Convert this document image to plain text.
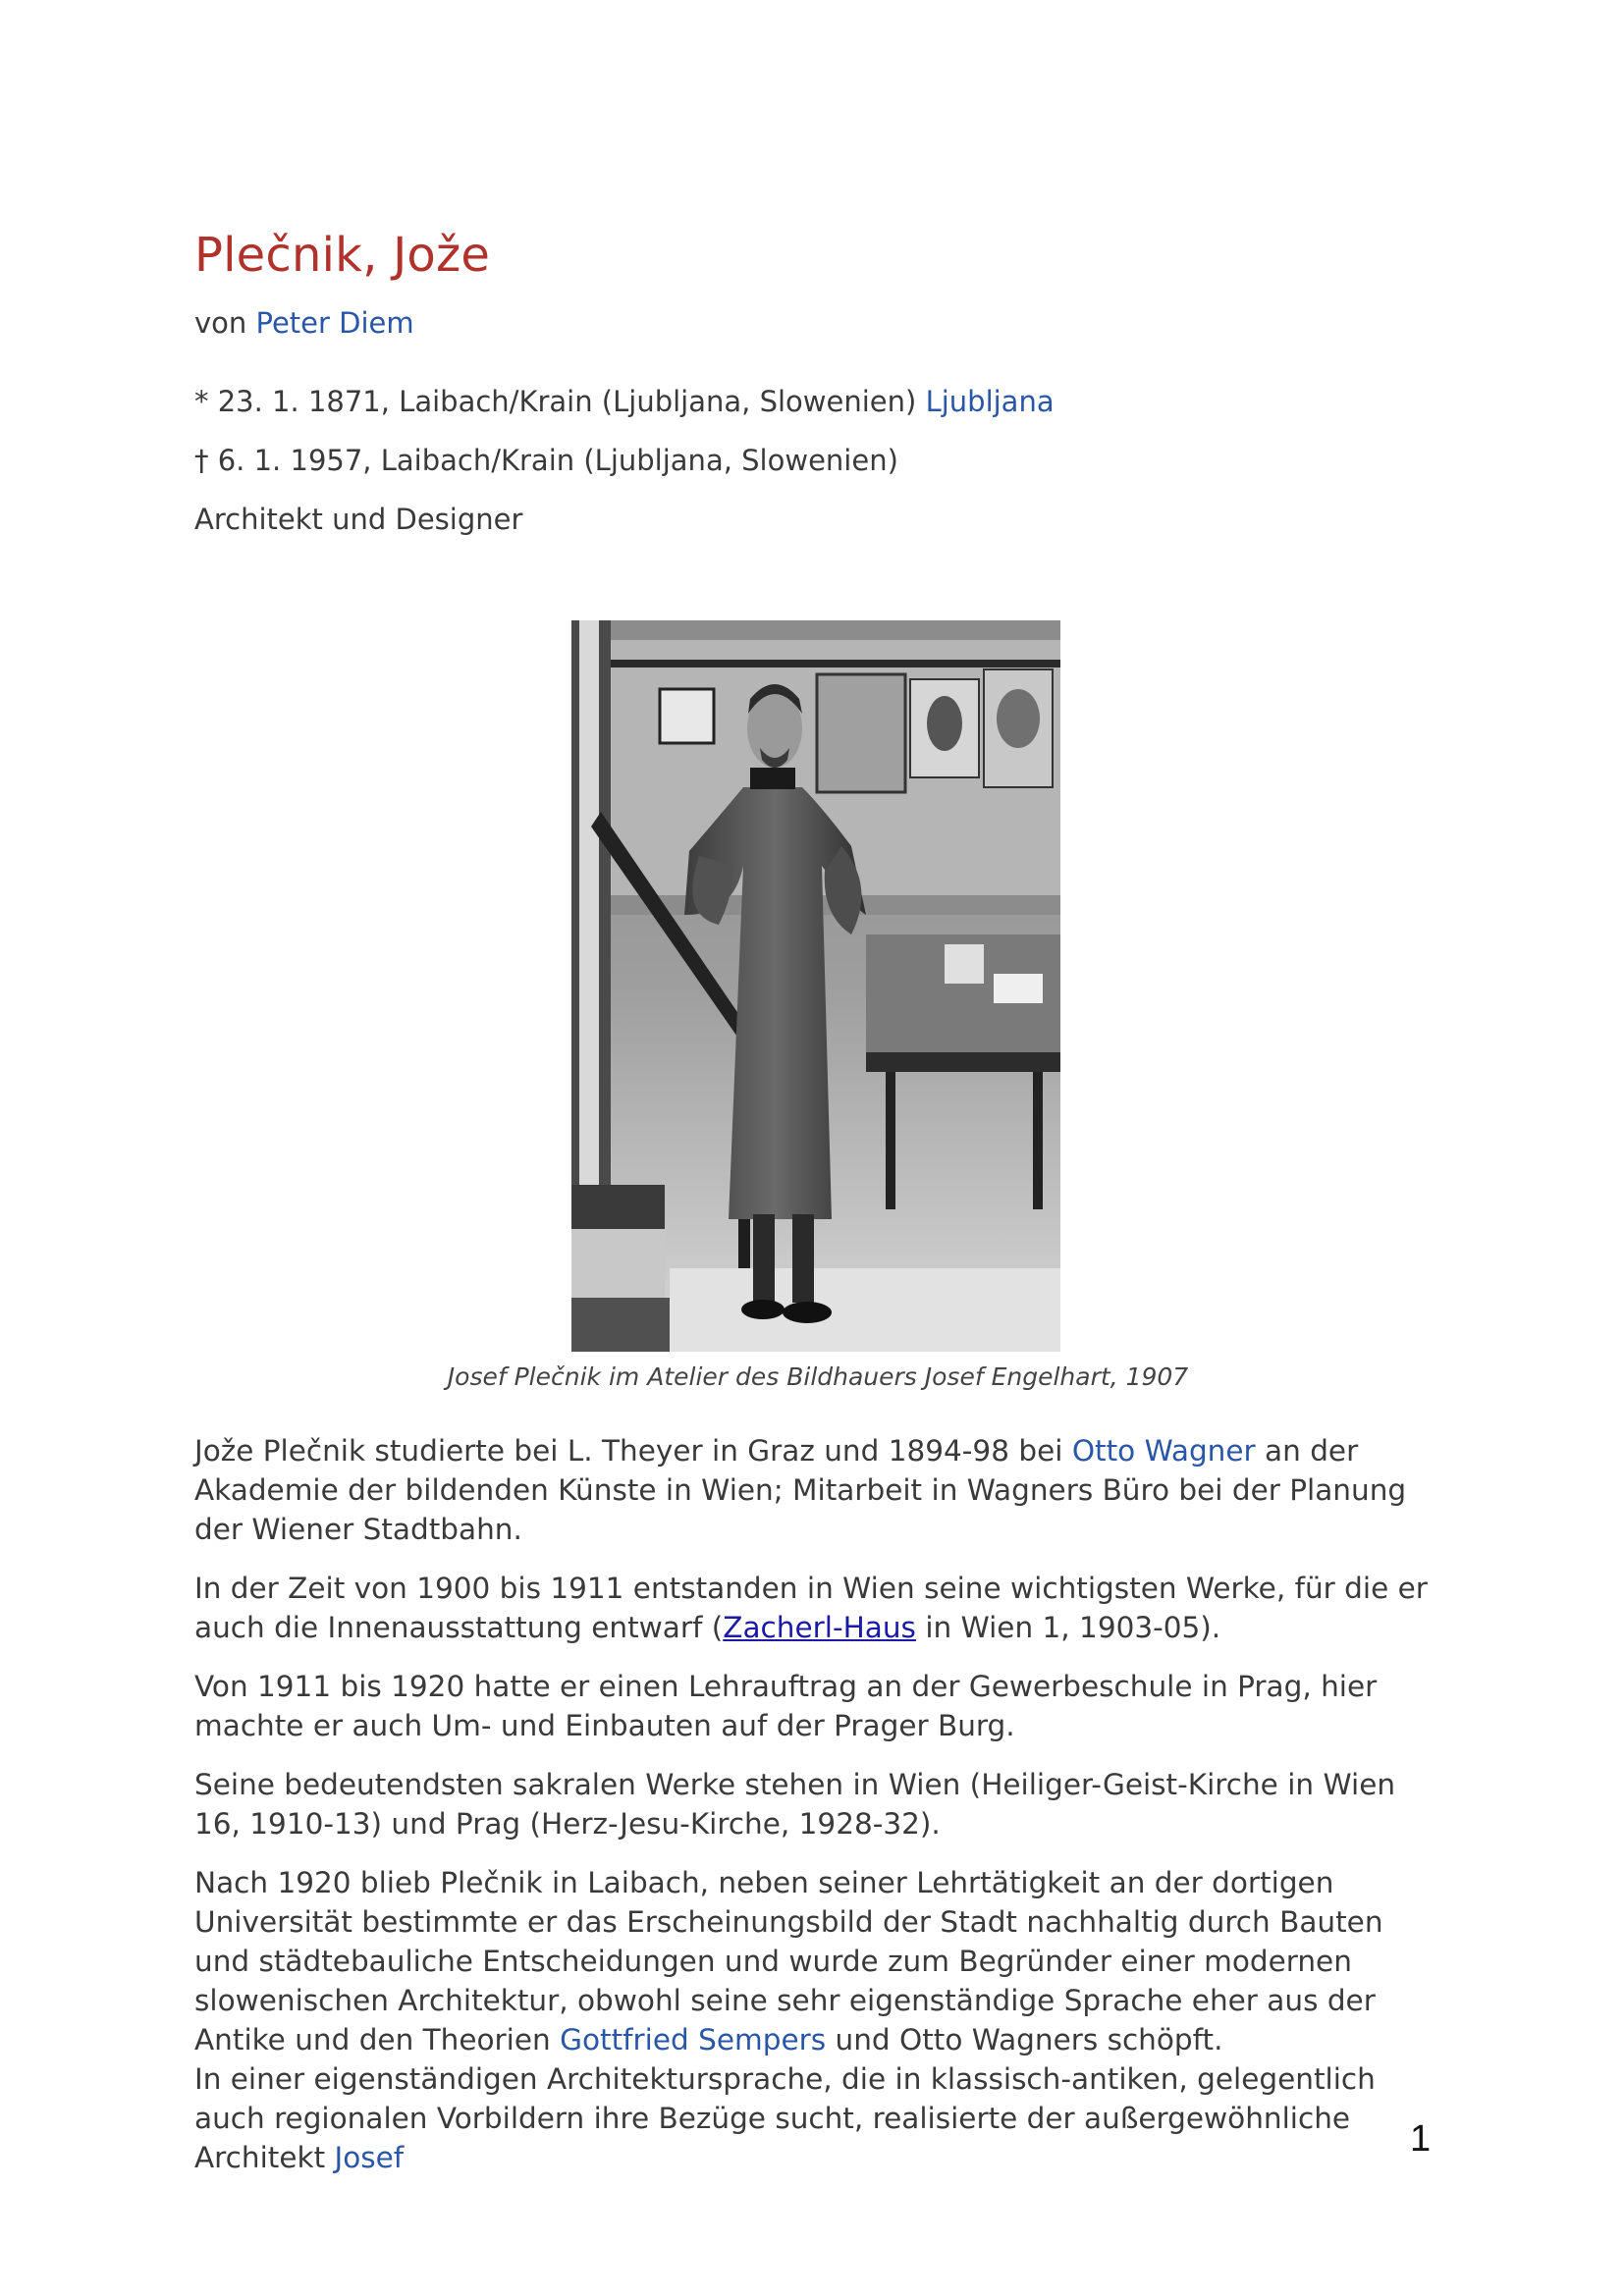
Plečnik, Jože
von Peter Diem
* 23. 1. 1871, Laibach/Krain (Ljubljana, Slowenien) Ljubljana
† 6. 1. 1957, Laibach/Krain (Ljubljana, Slowenien)
Architekt und Designer
Josef Plečnik im Atelier des Bildhauers Josef Engelhart, 1907

Jože Plečnik studierte bei L. Theyer in Graz und 1894-98 bei Otto Wagner an der Akademie der bildenden Künste in Wien; Mitarbeit in Wagners Büro bei der Planung der Wiener Stadtbahn.

In der Zeit von 1900 bis 1911 entstanden in Wien seine wichtigsten Werke, für die er auch die Innenausstattung entwarf (Zacherl-Haus in Wien 1, 1903-05).

Von 1911 bis 1920 hatte er einen Lehrauftrag an der Gewerbeschule in Prag, hier machte er auch Um- und Einbauten auf der Prager Burg.

Seine bedeutendsten sakralen Werke stehen in Wien (Heiliger-Geist-Kirche in Wien 16, 1910-13) und Prag (Herz-Jesu-Kirche, 1928-32).

Nach 1920 blieb Plečnik in Laibach, neben seiner Lehrtätigkeit an der dortigen Universität bestimmte er das Erscheinungsbild der Stadt nachhaltig durch Bauten und städtebauliche Entscheidungen und wurde zum Begründer einer modernen slowenischen Architektur, obwohl seine sehr eigenständige Sprache eher aus der Antike und den Theorien Gottfried Sempers und Otto Wagners schöpft.

In einer eigenständigen Architektursprache, die in klassisch-antiken, gelegentlich auch regionalen Vorbildern ihre Bezüge sucht, realisierte der außergewöhnliche Architekt Josef	1
